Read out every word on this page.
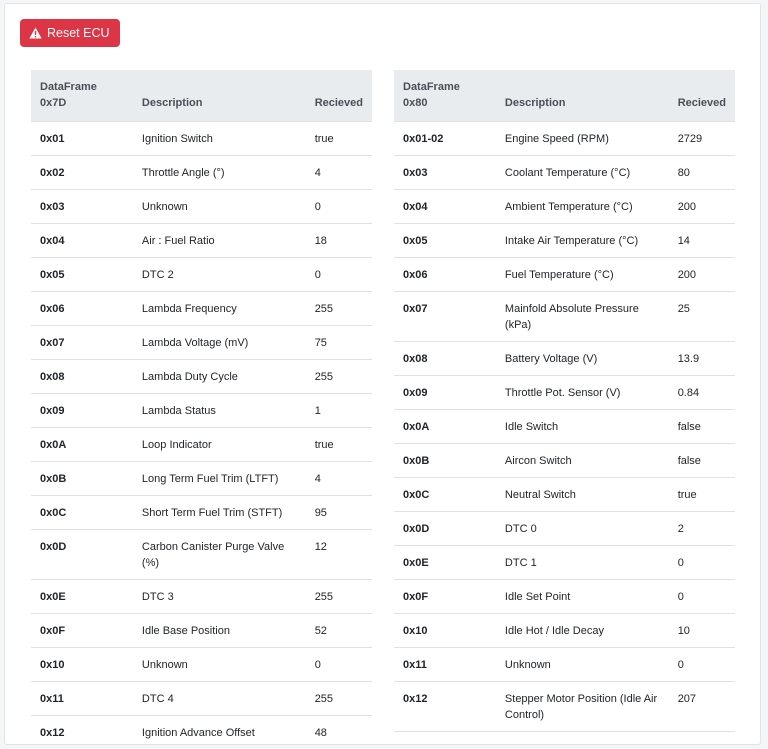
Reset ECU
DataFrame
0x7D	Description	Recieved
0x01	Ignition Switch	true
0x02	Throttle Angle (°)	4
0x03	Unknown	0
0x04	Air : Fuel Ratio	18
0x05	DTC 2	0
0x06	Lambda Frequency	255
0x07	Lambda Voltage (mV)	75
0x08	Lambda Duty Cycle	255
0x09	Lambda Status	1
0x0A	Loop Indicator	true
0x0B	Long Term Fuel Trim (LTFT)	4
0x0C	Short Term Fuel Trim (STFT)	95
0x0D	Carbon Canister Purge Valve (%)	12
0x0E	DTC 3	255
0x0F	Idle Base Position	52
0x10	Unknown	0
0x11	DTC 4	255
0x12	Ignition Advance Offset	48
DataFrame
0x80	Description	Recieved
0x01-02	Engine Speed (RPM)	2729
0x03	Coolant Temperature (°C)	80
0x04	Ambient Temperature (°C)	200
0x05	Intake Air Temperature (°C)	14
0x06	Fuel Temperature (°C)	200
0x07	Mainfold Absolute Pressure (kPa)	25
0x08	Battery Voltage (V)	13.9
0x09	Throttle Pot. Sensor (V)	0.84
0x0A	Idle Switch	false
0x0B	Aircon Switch	false
0x0C	Neutral Switch	true
0x0D	DTC 0	2
0x0E	DTC 1	0
0x0F	Idle Set Point	0
0x10	Idle Hot / Idle Decay	10
0x11	Unknown	0
0x12	Stepper Motor Position (Idle Air Control)	207
